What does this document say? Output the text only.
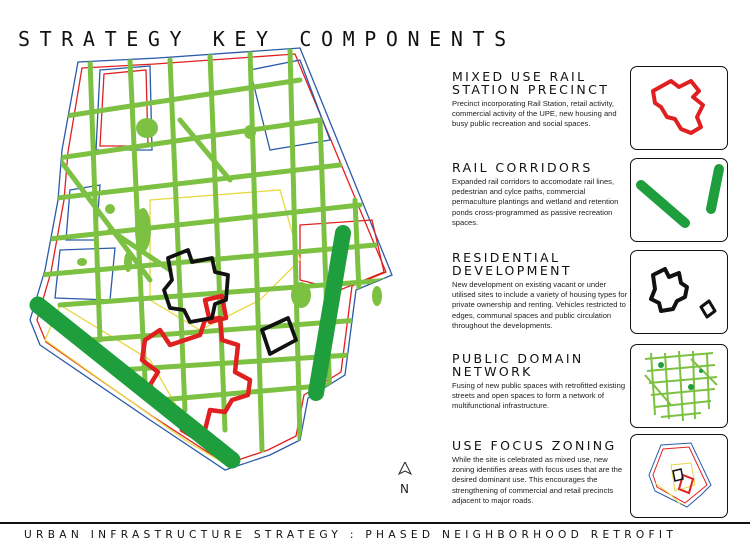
STRATEGY KEY COMPONENTS
N
MIXED USE RAIL
STATION PRECINCT

Precinct incorporating Rail Station, retail activity, commercial activity of the UPE, new housing and busy public recreation and social spaces.

RAIL CORRIDORS

Expanded rail corridors to accomodate rail lines, pedestrian and cylce paths, commercial permaculture plantings and wetland and retention ponds cross-programmed as passive recreation spaces.

RESIDENTIAL
DEVELOPMENT

New development on existing vacant or under utilised sites to include a variety of housing types for private ownership and renting. Vehicles restricted to edges, communal spaces and public circulation throughout the developments.

PUBLIC DOMAIN
NETWORK

Fusing of new public spaces with retrofitted existing streets and open spaces to form a network of multifunctional infrastructure.

USE FOCUS ZONING

While the site is celebrated as mixed use, new zoning identifies areas with focus uses that are the desired dominant use. This encourages the strengthening of commercial and retail precincts adjacent to major roads.

URBAN INFRASTRUCTURE STRATEGY : PHASED NEIGHBORHOOD RETROFIT
